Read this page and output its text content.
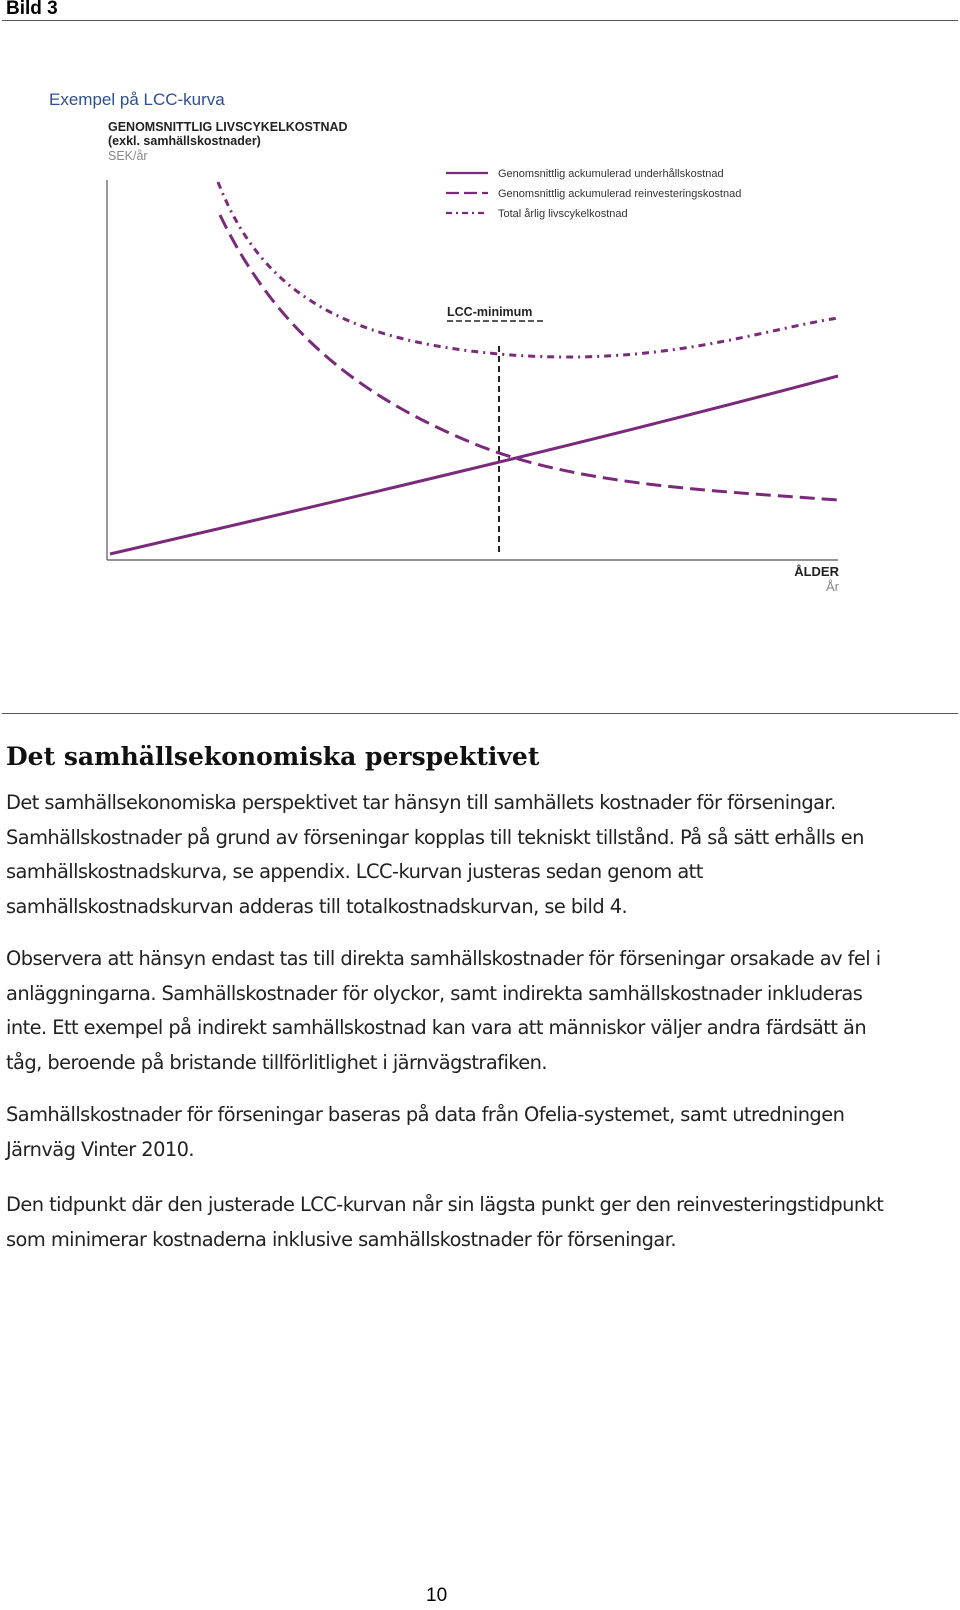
Bild 3
Exempel på LCC-kurva
GENOMSNITTLIG LIVSCYKELKOSTNAD
(exkl. samhällskostnader)
SEK/år
ÅLDER
År
Genomsnittlig ackumulerad underhållskostnad
Genomsnittlig ackumulerad reinvesteringskostnad
Total årlig livscykelkostnad
LCC-minimum
Det samhällsekonomiska perspektivet
Det samhällsekonomiska perspektivet tar hänsyn till samhällets kostnader för förseningar.
Samhällskostnader på grund av förseningar kopplas till tekniskt tillstånd. På så sätt erhålls en
samhällskostnadskurva, se appendix. LCC-kurvan justeras sedan genom att
samhällskostnadskurvan adderas till totalkostnadskurvan, se bild 4.
Observera att hänsyn endast tas till direkta samhällskostnader för förseningar orsakade av fel i
anläggningarna. Samhällskostnader för olyckor, samt indirekta samhällskostnader inkluderas
inte. Ett exempel på indirekt samhällskostnad kan vara att människor väljer andra färdsätt än
tåg, beroende på bristande tillförlitlighet i järnvägstrafiken.
Samhällskostnader för förseningar baseras på data från Ofelia-systemet, samt utredningen
Järnväg Vinter 2010.
Den tidpunkt där den justerade LCC-kurvan når sin lägsta punkt ger den reinvesteringstidpunkt
som minimerar kostnaderna inklusive samhällskostnader för förseningar.
10
